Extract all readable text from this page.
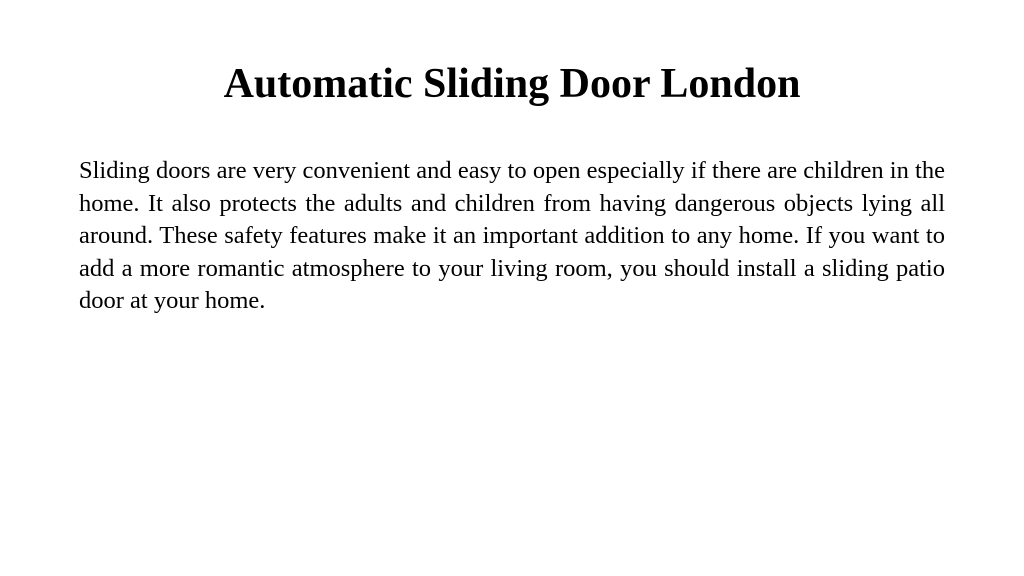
Automatic Sliding Door London

Sliding doors are very convenient and easy to open especially if there are children in the home. It also protects the adults and children from having dangerous objects lying all around. These safety features make it an important addition to any home. If you want to add a more romantic atmosphere to your living room, you should install a sliding patio door at your home.
